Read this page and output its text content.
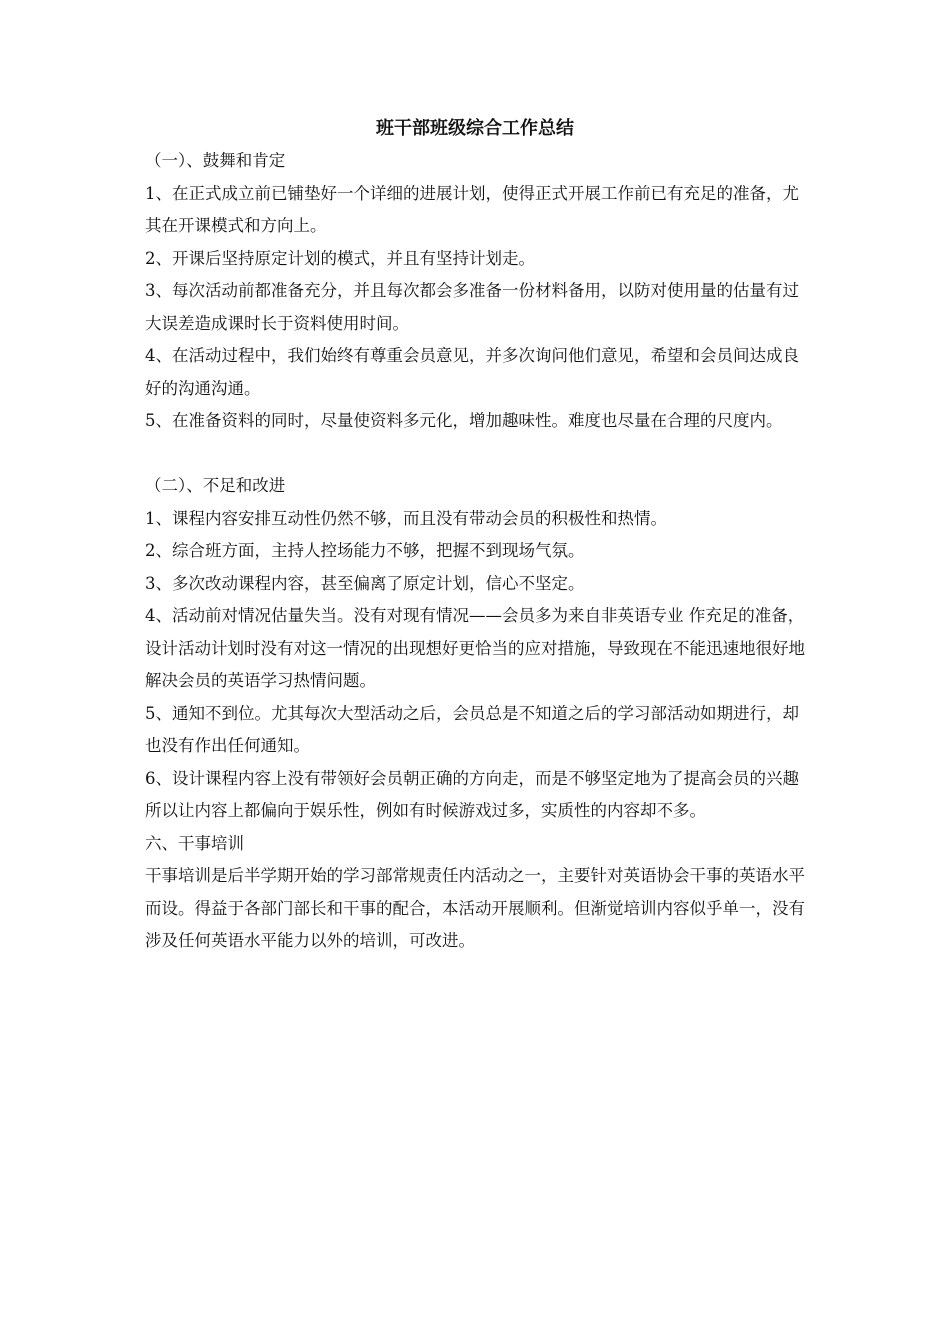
班干部班级综合工作总结

（一）、鼓舞和肯定

1、在正式成立前已铺垫好一个详细的进展计划，使得正式开展工作前已有充足的准备，尤其在开课模式和方向上。

2、开课后坚持原定计划的模式，并且有坚持计划走。

3、每次活动前都准备充分，并且每次都会多准备一份材料备用，以防对使用量的估量有过大误差造成课时长于资料使用时间。

4、在活动过程中，我们始终有尊重会员意见，并多次询问他们意见，希望和会员间达成良好的沟通沟通。

5、在准备资料的同时，尽量使资料多元化，增加趣味性。难度也尽量在合理的尺度内。

（二）、不足和改进

1、课程内容安排互动性仍然不够，而且没有带动会员的积极性和热情。

2、综合班方面，主持人控场能力不够，把握不到现场气氛。

3、多次改动课程内容，甚至偏离了原定计划，信心不坚定。

4、活动前对情况估量失当。没有对现有情况——会员多为来自非英语专业 作充足的准备，设计活动计划时没有对这一情况的出现想好更恰当的应对措施，导致现在不能迅速地很好地解决会员的英语学习热情问题。

5、通知不到位。尤其每次大型活动之后，会员总是不知道之后的学习部活动如期进行，却也没有作出任何通知。

6、设计课程内容上没有带领好会员朝正确的方向走，而是不够坚定地为了提高会员的兴趣所以让内容上都偏向于娱乐性，例如有时候游戏过多，实质性的内容却不多。

六、干事培训

干事培训是后半学期开始的学习部常规责任内活动之一，主要针对英语协会干事的英语水平而设。得益于各部门部长和干事的配合，本活动开展顺利。但渐觉培训内容似乎单一，没有涉及任何英语水平能力以外的培训，可改进。
